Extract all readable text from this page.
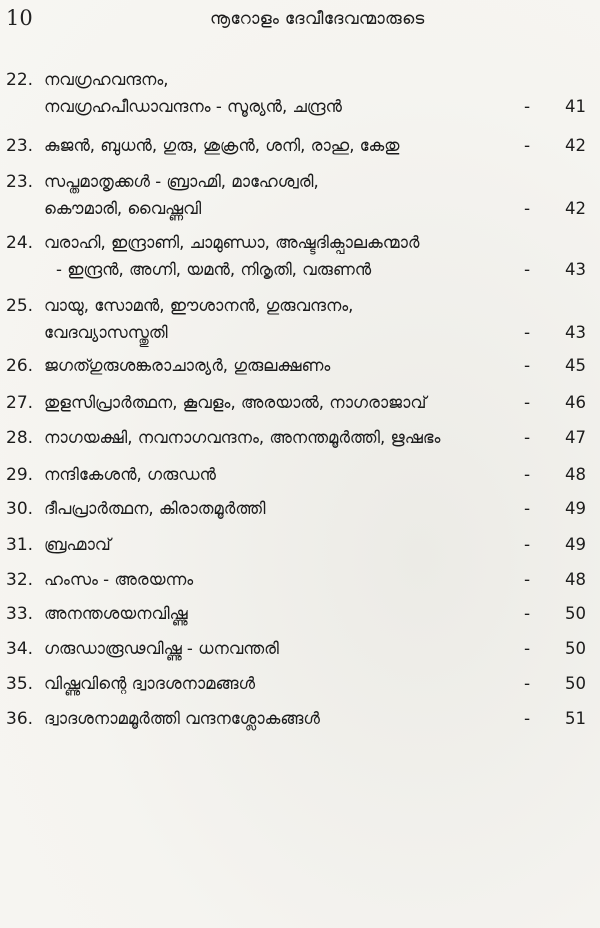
10	നൂറോളം ദേവീദേവന്മാരുടെ
22. നവഗ്രഹവന്ദനം,
നവഗ്രഹപീഡാവന്ദനം - സൂര്യൻ, ചന്ദ്രൻ	- 41
23. കുജൻ, ബുധൻ, ഗുരു, ശുക്രൻ, ശനി, രാഹു, കേതു	- 42
23. സപ്തമാതൃക്കൾ - ബ്രാഹ്മി, മാഹേശ്വരി,
കൌമാരി, വൈഷ്ണവി	- 42
24. വരാഹി, ഇന്ദ്രാണി, ചാമുണ്ഡാ, അഷ്ടദിക്പാലകന്മാർ
- ഇന്ദ്രൻ, അഗ്നി, യമൻ, നിരൃതി, വരുണൻ	- 43
25. വായു, സോമൻ, ഈശാനൻ, ഗുരുവന്ദനം,
വേദവ്യാസസ്തുതി	- 43
26. ജഗത്ഗുരുശങ്കരാചാര്യർ, ഗുരുലക്ഷണം	- 45
27. തുളസിപ്രാർത്ഥന, കൂവളം, അരയാൽ, നാഗരാജാവ്	- 46
28. നാഗയക്ഷി, നവനാഗവന്ദനം, അനന്തമൂർത്തി, ഋഷഭം	- 47
29. നന്ദികേശൻ, ഗരുഡൻ	- 48
30. ദീപപ്രാർത്ഥന, കിരാതമൂർത്തി	- 49
31. ബ്രഹ്മാവ്	- 49
32. ഹംസം - അരയന്നം	- 48
33. അനന്തശയനവിഷ്ണു	- 50
34. ഗരുഡാരൂഢവിഷ്ണു - ധനവന്തരി	- 50
35. വിഷ്ണുവിന്റെ ദ്വാദശനാമങ്ങൾ	- 50
36. ദ്വാദശനാമമൂർത്തി വന്ദനശ്ലോകങ്ങൾ	- 51
